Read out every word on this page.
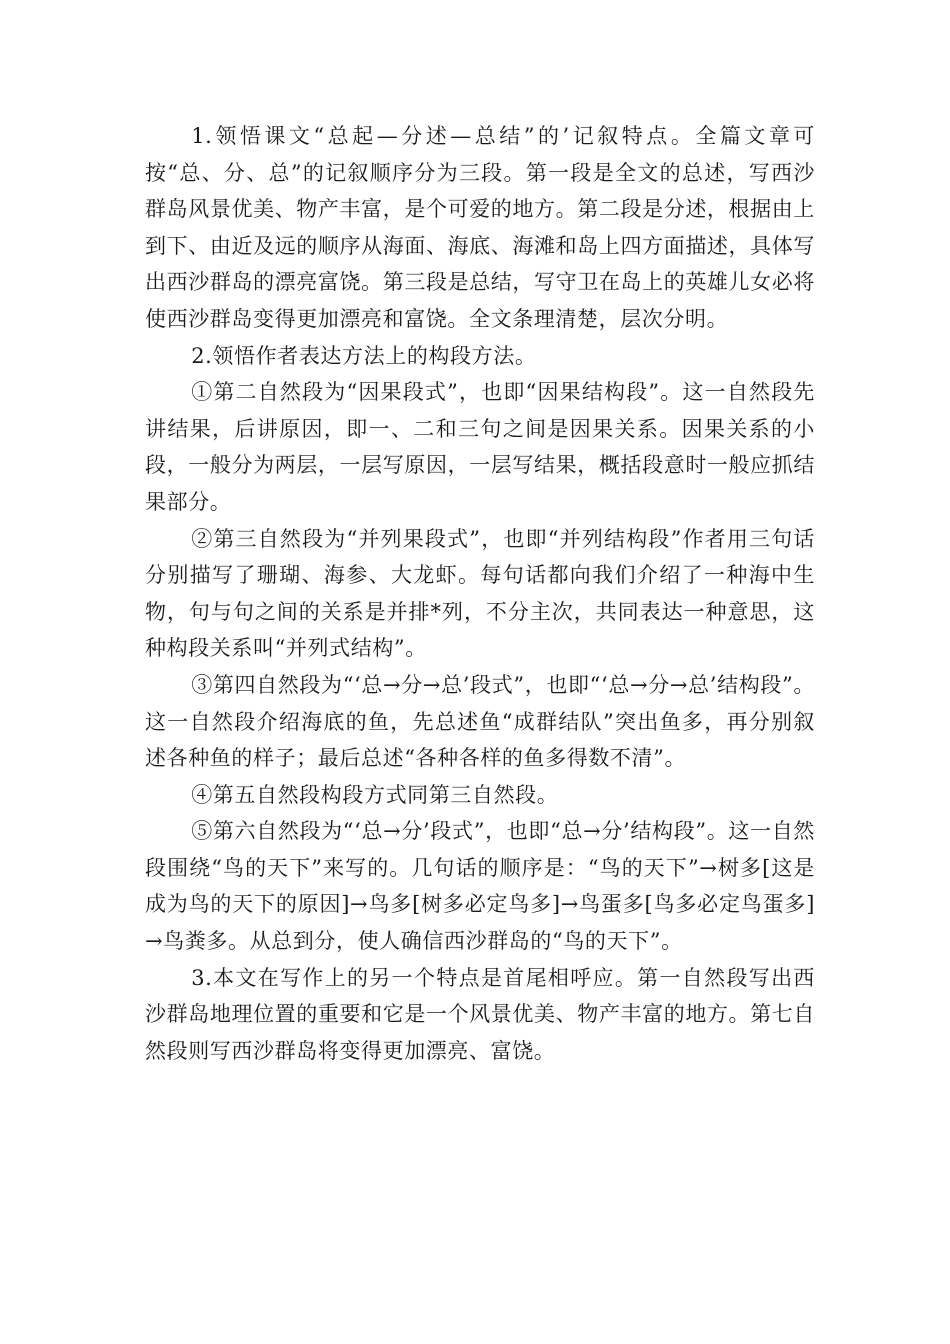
1.领悟课文“总起—分述—总结”的’记叙特点。全篇文章可按“总、分、总”的记叙顺序分为三段。第一段是全文的总述，写西沙群岛风景优美、物产丰富，是个可爱的地方。第二段是分述，根据由上到下、由近及远的顺序从海面、海底、海滩和岛上四方面描述，具体写出西沙群岛的漂亮富饶。第三段是总结，写守卫在岛上的英雄儿女必将使西沙群岛变得更加漂亮和富饶。全文条理清楚，层次分明。

2.领悟作者表达方法上的构段方法。

①第二自然段为“因果段式”，也即“因果结构段”。这一自然段先讲结果，后讲原因，即一、二和三句之间是因果关系。因果关系的小段，一般分为两层，一层写原因，一层写结果，概括段意时一般应抓结果部分。

②第三自然段为“并列果段式”，也即“并列结构段”作者用三句话分别描写了珊瑚、海参、大龙虾。每句话都向我们介绍了一种海中生物，句与句之间的关系是并排*列，不分主次，共同表达一种意思，这种构段关系叫“并列式结构”。

③第四自然段为“‘总→分→总’段式”，也即“‘总→分→总’结构段”。这一自然段介绍海底的鱼，先总述鱼“成群结队”突出鱼多，再分别叙述各种鱼的样子；最后总述“各种各样的鱼多得数不清”。

④第五自然段构段方式同第三自然段。

⑤第六自然段为“‘总→分’段式”，也即“总→分’结构段”。这一自然段围绕“鸟的天下”来写的。几句话的顺序是：“鸟的天下”→树多[这是成为鸟的天下的原因]→鸟多[树多必定鸟多]→鸟蛋多[鸟多必定鸟蛋多]→鸟粪多。从总到分，使人确信西沙群岛的“鸟的天下”。

3.本文在写作上的另一个特点是首尾相呼应。第一自然段写出西沙群岛地理位置的重要和它是一个风景优美、物产丰富的地方。第七自然段则写西沙群岛将变得更加漂亮、富饶。
